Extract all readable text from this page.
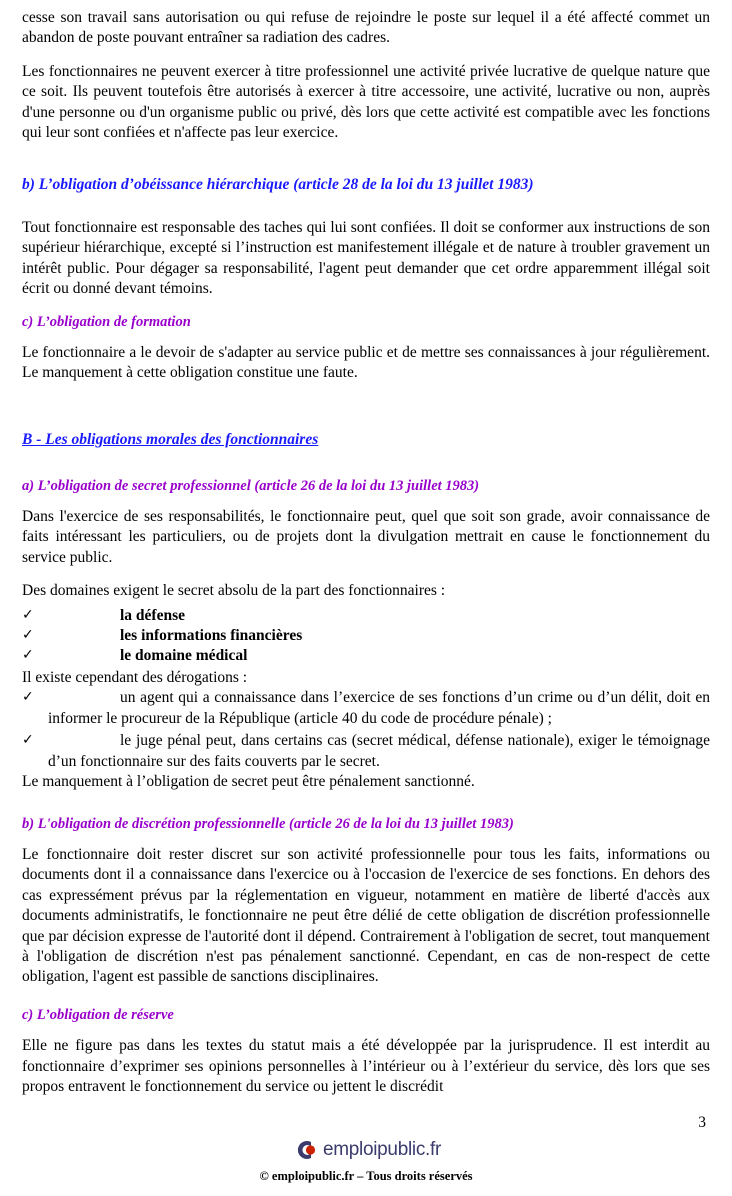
cesse son travail sans autorisation ou qui refuse de rejoindre le poste sur lequel il a été affecté commet un abandon de poste pouvant entraîner sa radiation des cadres.

Les fonctionnaires ne peuvent exercer à titre professionnel une activité privée lucrative de quelque nature que ce soit. Ils peuvent toutefois être autorisés à exercer à titre accessoire, une activité, lucrative ou non, auprès d'une personne ou d'un organisme public ou privé, dès lors que cette activité est compatible avec les fonctions qui leur sont confiées et n'affecte pas leur exercice.

b) L’obligation d’obéissance hiérarchique (article 28 de la loi du 13 juillet 1983)

Tout fonctionnaire est responsable des taches qui lui sont confiées. Il doit se conformer aux instructions de son supérieur hiérarchique, excepté si l’instruction est manifestement illégale et de nature à troubler gravement un intérêt public. Pour dégager sa responsabilité, l'agent peut demander que cet ordre apparemment illégal soit écrit ou donné devant témoins.

c) L’obligation de formation

Le fonctionnaire a le devoir de s'adapter au service public et de mettre ses connaissances à jour régulièrement. Le manquement à cette obligation constitue une faute.

B - Les obligations morales des fonctionnaires

a) L’obligation de secret professionnel (article 26 de la loi du 13 juillet 1983)

Dans l'exercice de ses responsabilités, le fonctionnaire peut, quel que soit son grade, avoir connaissance de faits intéressant les particuliers, ou de projets dont la divulgation mettrait en cause le fonctionnement du service public.

Des domaines exigent le secret absolu de la part des fonctionnaires :

✓	la défense
✓	les informations financières
✓	le domaine médical

Il existe cependant des dérogations :

✓	un agent qui a connaissance dans l’exercice de ses fonctions d’un crime ou d’un délit, doit en informer le procureur de la République (article 40 du code de procédure pénale) ;
✓	le juge pénal peut, dans certains cas (secret médical, défense nationale), exiger le témoignage d’un fonctionnaire sur des faits couverts par le secret.

Le manquement à l’obligation de secret peut être pénalement sanctionné.

b) L'obligation de discrétion professionnelle (article 26 de la loi du 13 juillet 1983)

Le fonctionnaire doit rester discret sur son activité professionnelle pour tous les faits, informations ou documents dont il a connaissance dans l'exercice ou à l'occasion de l'exercice de ses fonctions. En dehors des cas expressément prévus par la réglementation en vigueur, notamment en matière de liberté d'accès aux documents administratifs, le fonctionnaire ne peut être délié de cette obligation de discrétion professionnelle que par décision expresse de l'autorité dont il dépend. Contrairement à l'obligation de secret, tout manquement à l'obligation de discrétion n'est pas pénalement sanctionné. Cependant, en cas de non-respect de cette obligation, l'agent est passible de sanctions disciplinaires.

c) L’obligation de réserve

Elle ne figure pas dans les textes du statut mais a été développée par la jurisprudence. Il est interdit au fonctionnaire d’exprimer ses opinions personnelles à l’intérieur ou à l’extérieur du service, dès lors que ses propos entravent le fonctionnement du service ou jettent le discrédit

3
emploipublic.fr
© emploipublic.fr – Tous droits réservés
